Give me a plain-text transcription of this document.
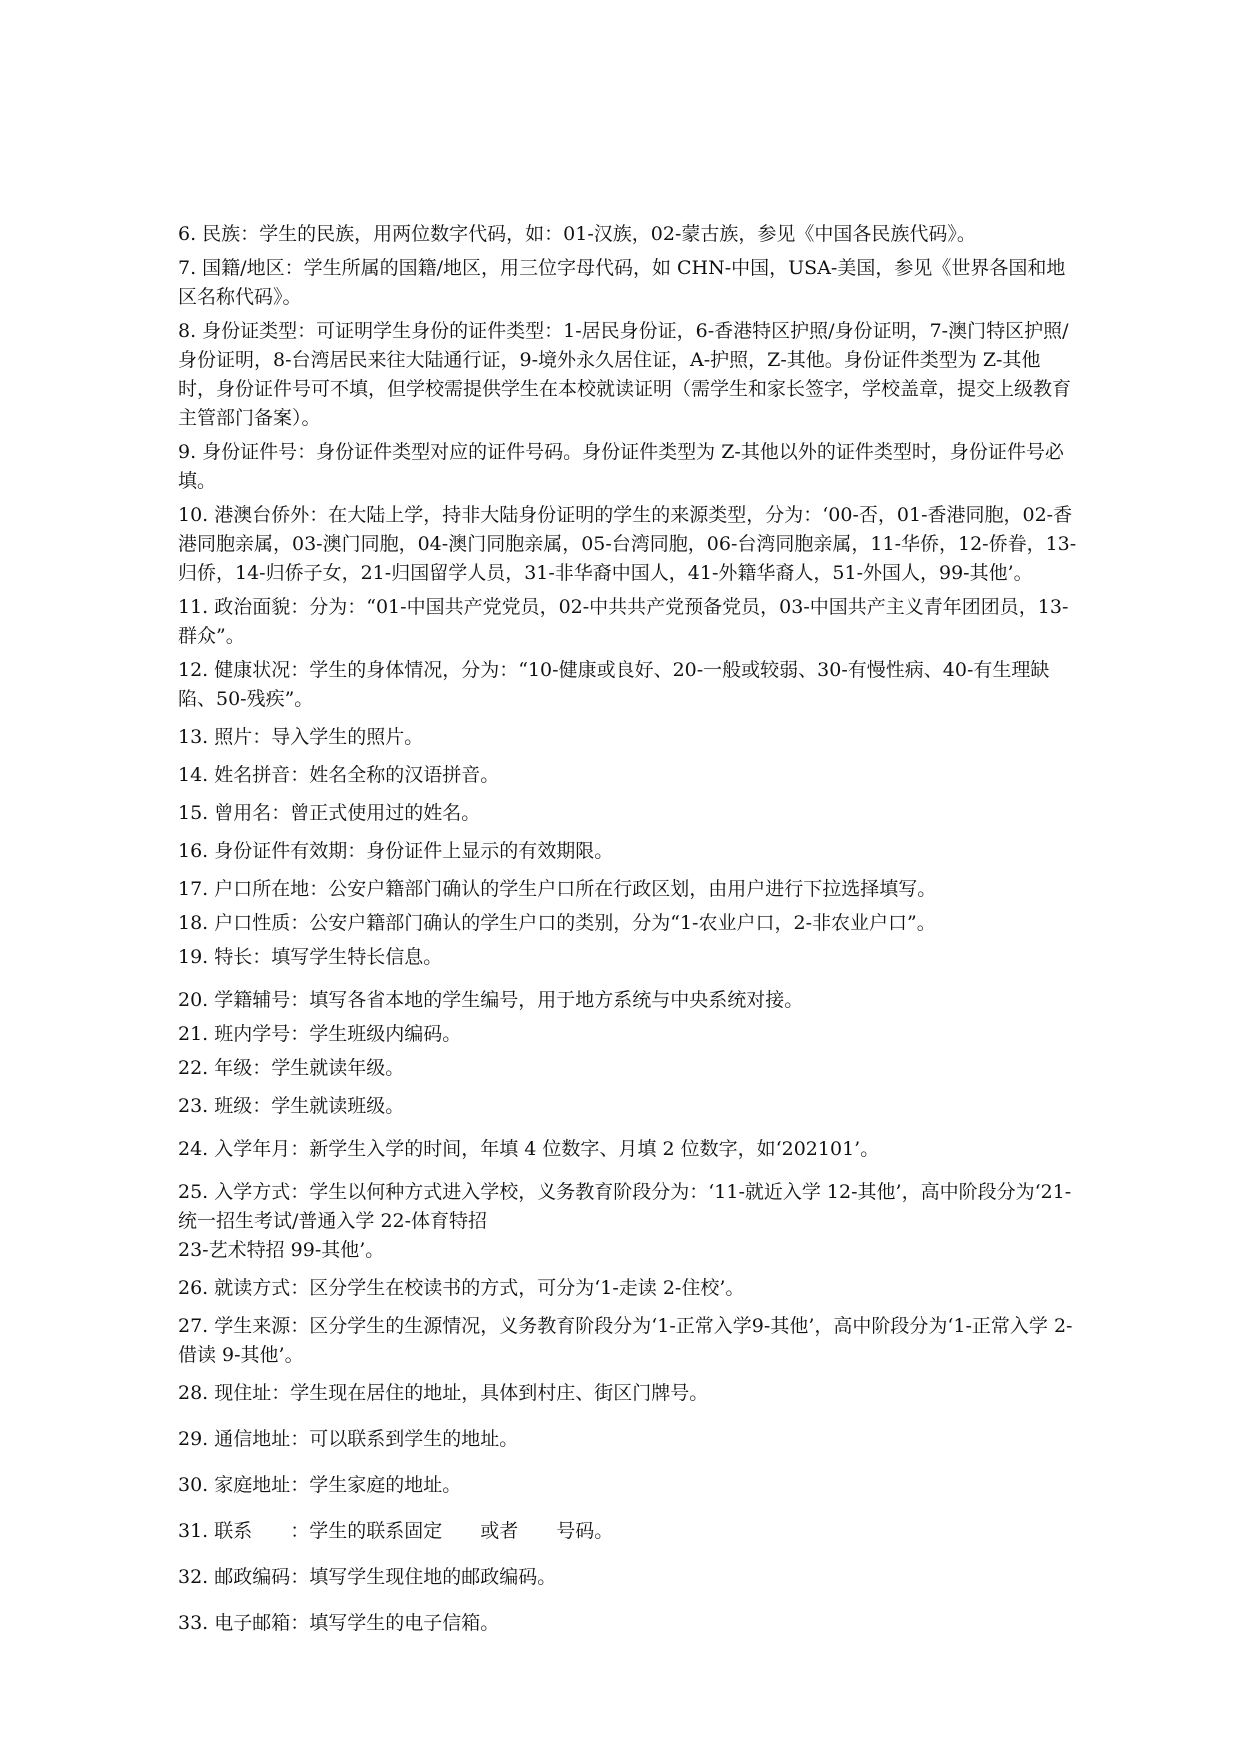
6. 民族：学生的民族，用两位数字代码，如：01-汉族，02-蒙古族，参见《中国各民族代码》。

7. 国籍/地区：学生所属的国籍/地区，用三位字母代码，如 CHN-中国，USA-美国，参见《世界各国和地区名称代码》。

8. 身份证类型：可证明学生身份的证件类型：1-居民身份证，6-香港特区护照/身份证明，7-澳门特区护照/身份证明，8-台湾居民来往大陆通行证，9-境外永久居住证，A-护照，Z-其他。身份证件类型为 Z-其他时，身份证件号可不填，但学校需提供学生在本校就读证明（需学生和家长签字，学校盖章，提交上级教育主管部门备案）。

9. 身份证件号：身份证件类型对应的证件号码。身份证件类型为 Z-其他以外的证件类型时，身份证件号必填。

10. 港澳台侨外：在大陆上学，持非大陆身份证明的学生的来源类型，分为：‘00-否，01-香港同胞，02-香港同胞亲属，03-澳门同胞，04-澳门同胞亲属，05-台湾同胞，06-台湾同胞亲属，11-华侨，12-侨眷，13-归侨，14-归侨子女，21-归国留学人员，31-非华裔中国人，41-外籍华裔人，51-外国人，99-其他’。

11. 政治面貌：分为：“01-中国共产党党员，02-中共共产党预备党员，03-中国共产主义青年团团员，13-群众”。

12. 健康状况：学生的身体情况，分为：“10-健康或良好、20-一般或较弱、30-有慢性病、40-有生理缺陷、50-残疾”。

13. 照片：导入学生的照片。

14. 姓名拼音：姓名全称的汉语拼音。

15. 曾用名：曾正式使用过的姓名。

16. 身份证件有效期：身份证件上显示的有效期限。

17. 户口所在地：公安户籍部门确认的学生户口所在行政区划，由用户进行下拉选择填写。

18. 户口性质：公安户籍部门确认的学生户口的类别，分为“1-农业户口，2-非农业户口”。

19. 特长：填写学生特长信息。

20. 学籍辅号：填写各省本地的学生编号，用于地方系统与中央系统对接。

21. 班内学号：学生班级内编码。

22. 年级：学生就读年级。

23. 班级：学生就读班级。

24. 入学年月：新学生入学的时间，年填 4 位数字、月填 2 位数字，如‘202101’。

25. 入学方式：学生以何种方式进入学校，义务教育阶段分为：‘11-就近入学 12-其他’，高中阶段分为‘21-统一招生考试/普通入学 22-体育特招
23-艺术特招 99-其他’。

26. 就读方式：区分学生在校读书的方式，可分为‘1-走读 2-住校’。

27. 学生来源：区分学生的生源情况，义务教育阶段分为‘1-正常入学9-其他’，高中阶段分为‘1-正常入学 2-借读 9-其他’。

28. 现住址：学生现在居住的地址，具体到村庄、街区门牌号。

29. 通信地址：可以联系到学生的地址。

30. 家庭地址：学生家庭的地址。

31. 联系　　：学生的联系固定　　或者　　号码。

32. 邮政编码：填写学生现住地的邮政编码。

33. 电子邮箱：填写学生的电子信箱。
